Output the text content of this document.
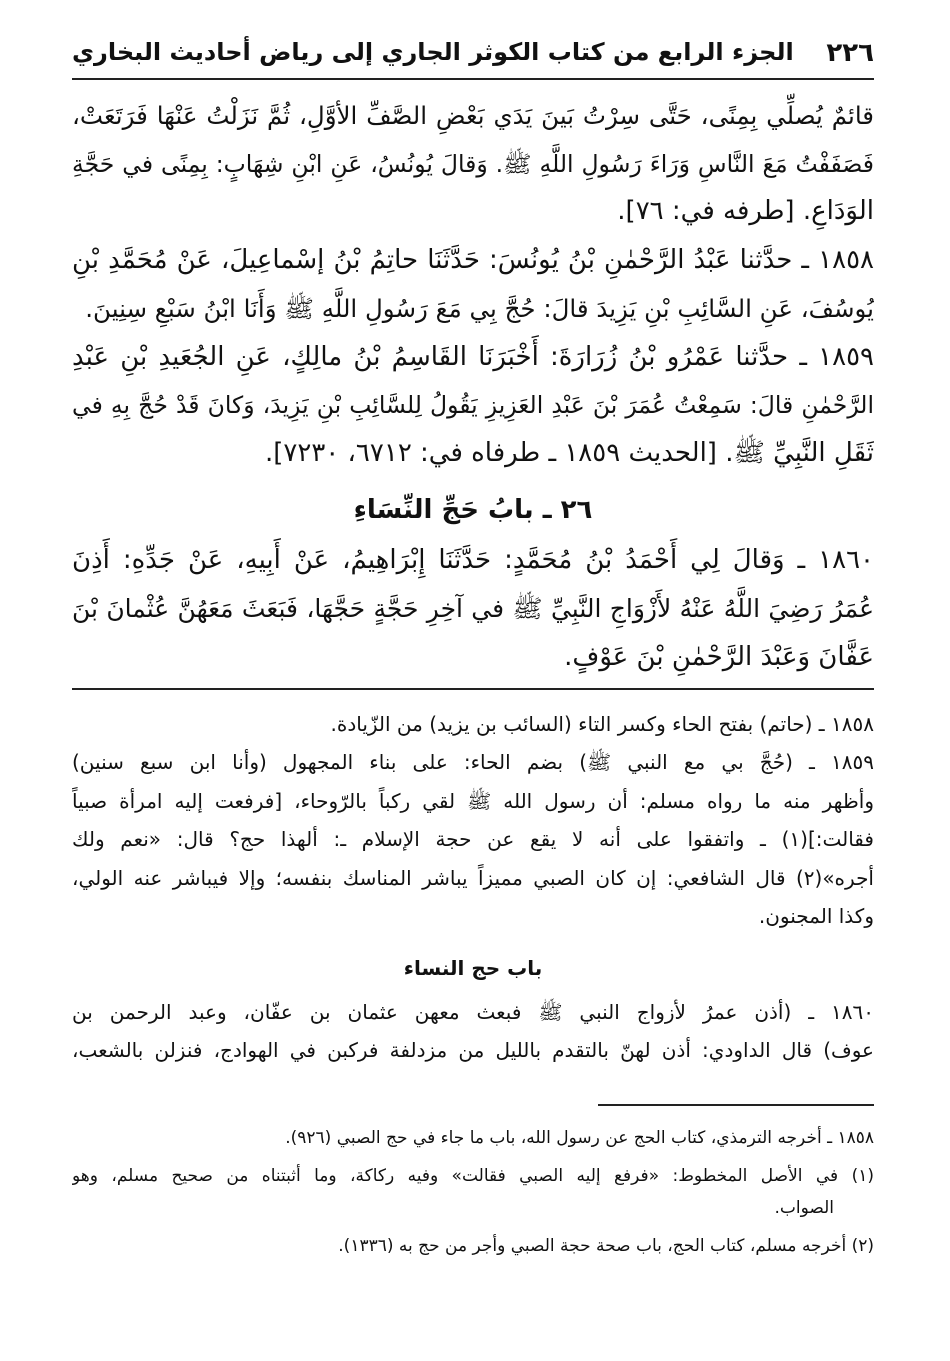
٢٢٦
الجزء الرابع من كتاب الكوثر الجاري إلى رياض أحاديث البخاري
قائمٌ يُصلِّي بِمِنًى، حَتَّى سِرْتُ بَينَ يَدَي بَعْضِ الصَّفِّ الأوَّلِ، ثُمَّ نَزَلْتُ عَنْهَا فَرَتَعَتْ،
فَصَفَفْتُ مَعَ النَّاسِ وَرَاءَ رَسُولِ اللَّهِ ﷺ. وَقالَ يُونُسُ، عَنِ ابْنِ شِهَابٍ: بِمِنًى في حَجَّةِ
الوَدَاعِ. [طرفه في: ٧٦].
١٨٥٨ ـ حدَّثنا عَبْدُ الرَّحْمٰنِ بْنُ يُونُسَ: حَدَّثَنَا حاتِمُ بْنُ إسْماعِيلَ، عَنْ مُحَمَّدِ بْنِ
يُوسُفَ، عَنِ السَّائِبِ بْنِ يَزِيدَ قالَ: حُجَّ بِي مَعَ رَسُولِ اللَّهِ ﷺ وَأَنَا ابْنُ سَبْعِ سِنِينَ.
١٨٥٩ ـ حدَّثنا عَمْرُو بْنُ زُرَارَةَ: أَخْبَرَنَا القَاسِمُ بْنُ مالِكٍ، عَنِ الجُعَيدِ بْنِ عَبْدِ
الرَّحْمٰنِ قالَ: سَمِعْتُ عُمَرَ بْنَ عَبْدِ العَزِيزِ يَقُولُ لِلسَّائِبِ بْنِ يَزِيدَ، وَكانَ قَدْ حُجَّ بِهِ في
ثَقَلِ النَّبِيِّ ﷺ. [الحديث ١٨٥٩ ـ طرفاه في: ٦٧١٢، ٧٢٣٠].
٢٦ ـ بابُ حَجِّ النِّسَاءِ
١٨٦٠ ـ وَقالَ لِي أَحْمَدُ بْنُ مُحَمَّدٍ: حَدَّثَنَا إِبْرَاهِيمُ، عَنْ أَبِيهِ، عَنْ جَدِّهِ: أَذِنَ
عُمَرُ رَضِيَ اللَّهُ عَنْهُ لأَزْوَاجِ النَّبِيِّ ﷺ في آخِرِ حَجَّةٍ حَجَّهَا، فَبَعَثَ مَعَهُنَّ عُثْمانَ بْنَ
عَفَّانَ وَعَبْدَ الرَّحْمٰنِ بْنَ عَوْفٍ.
١٨٥٨ ـ (حاتم) بفتح الحاء وكسر التاء (السائب بن يزيد) من الزّيادة.
١٨٥٩ ـ (حُجَّ بي مع النبي ﷺ) بضم الحاء: على بناء المجهول (وأنا ابن سبع سنين)
وأظهر منه ما رواه مسلم: أن رسول الله ﷺ لقي ركباً بالرّوحاء، [فرفعت إليه امرأة صبياً
فقالت:](١) ـ واتفقوا على أنه لا يقع عن حجة الإسلام ـ: ألهذا حج؟ قال: «نعم ولك
أجره»(٢) قال الشافعي: إن كان الصبي مميزاً يباشر المناسك بنفسه؛ وإلا فيباشر عنه الولي،
وكذا المجنون.
باب حج النساء
١٨٦٠ ـ (أذن عمرُ لأزواج النبي ﷺ فبعث معهن عثمان بن عفّان، وعبد الرحمن بن
عوف) قال الداودي: أذن لهنّ بالتقدم بالليل من مزدلفة فركبن في الهوادج، فنزلن بالشعب،
١٨٥٨ ـ أخرجه الترمذي، كتاب الحج عن رسول الله، باب ما جاء في حج الصبي (٩٢٦).
(١) في الأصل المخطوط: «فرفع إليه الصبي فقالت» وفيه ركاكة، وما أثبتناه من صحيح مسلم، وهو
الصواب.
(٢) أخرجه مسلم، كتاب الحج، باب صحة حجة الصبي وأجر من حج به (١٣٣٦).
